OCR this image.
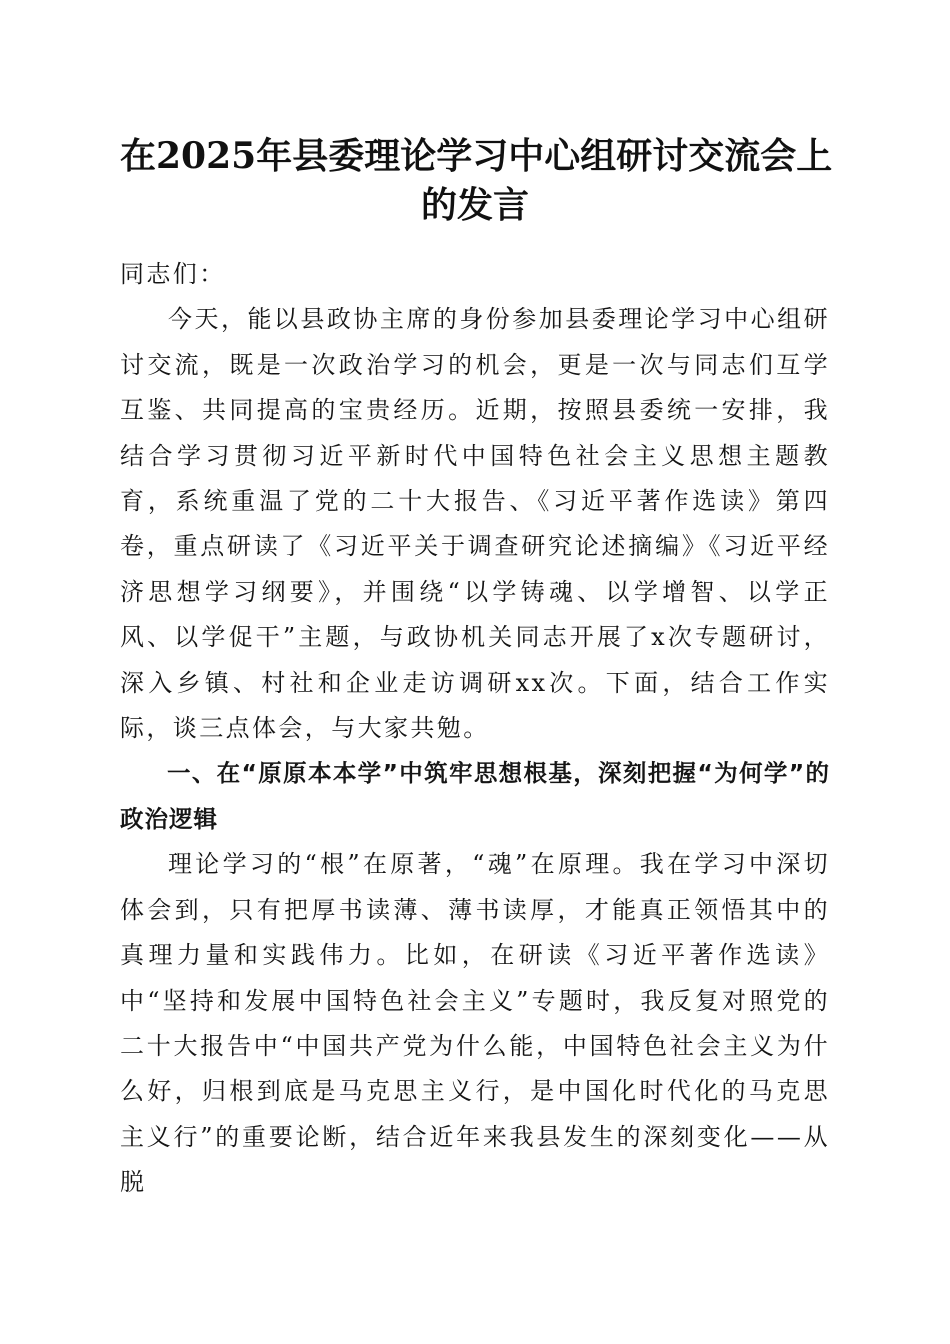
在2025年县委理论学习中心组研讨交流会上
的发言

同志们：

今天，能以县政协主席的身份参加县委理论学习中心组研讨交流，既是一次政治学习的机会，更是一次与同志们互学互鉴、共同提高的宝贵经历。近期，按照县委统一安排，我结合学习贯彻习近平新时代中国特色社会主义思想主题教育，系统重温了党的二十大报告、《习近平著作选读》第四卷，重点研读了《习近平关于调查研究论述摘编》《习近平经济思想学习纲要》，并围绕“以学铸魂、以学增智、以学正风、以学促干”主题，与政协机关同志开展了x次专题研讨，深入乡镇、村社和企业走访调研xx次。下面，结合工作实际，谈三点体会，与大家共勉。

一、在“原原本本学”中筑牢思想根基，深刻把握“为何学”的政治逻辑

理论学习的“根”在原著，“魂”在原理。我在学习中深切体会到，只有把厚书读薄、薄书读厚，才能真正领悟其中的真理力量和实践伟力。比如，在研读《习近平著作选读》中“坚持和发展中国特色社会主义”专题时，我反复对照党的二十大报告中“中国共产党为什么能，中国特色社会主义为什么好，归根到底是马克思主义行，是中国化时代化的马克思主义行”的重要论断，结合近年来我县发生的深刻变化——从脱
